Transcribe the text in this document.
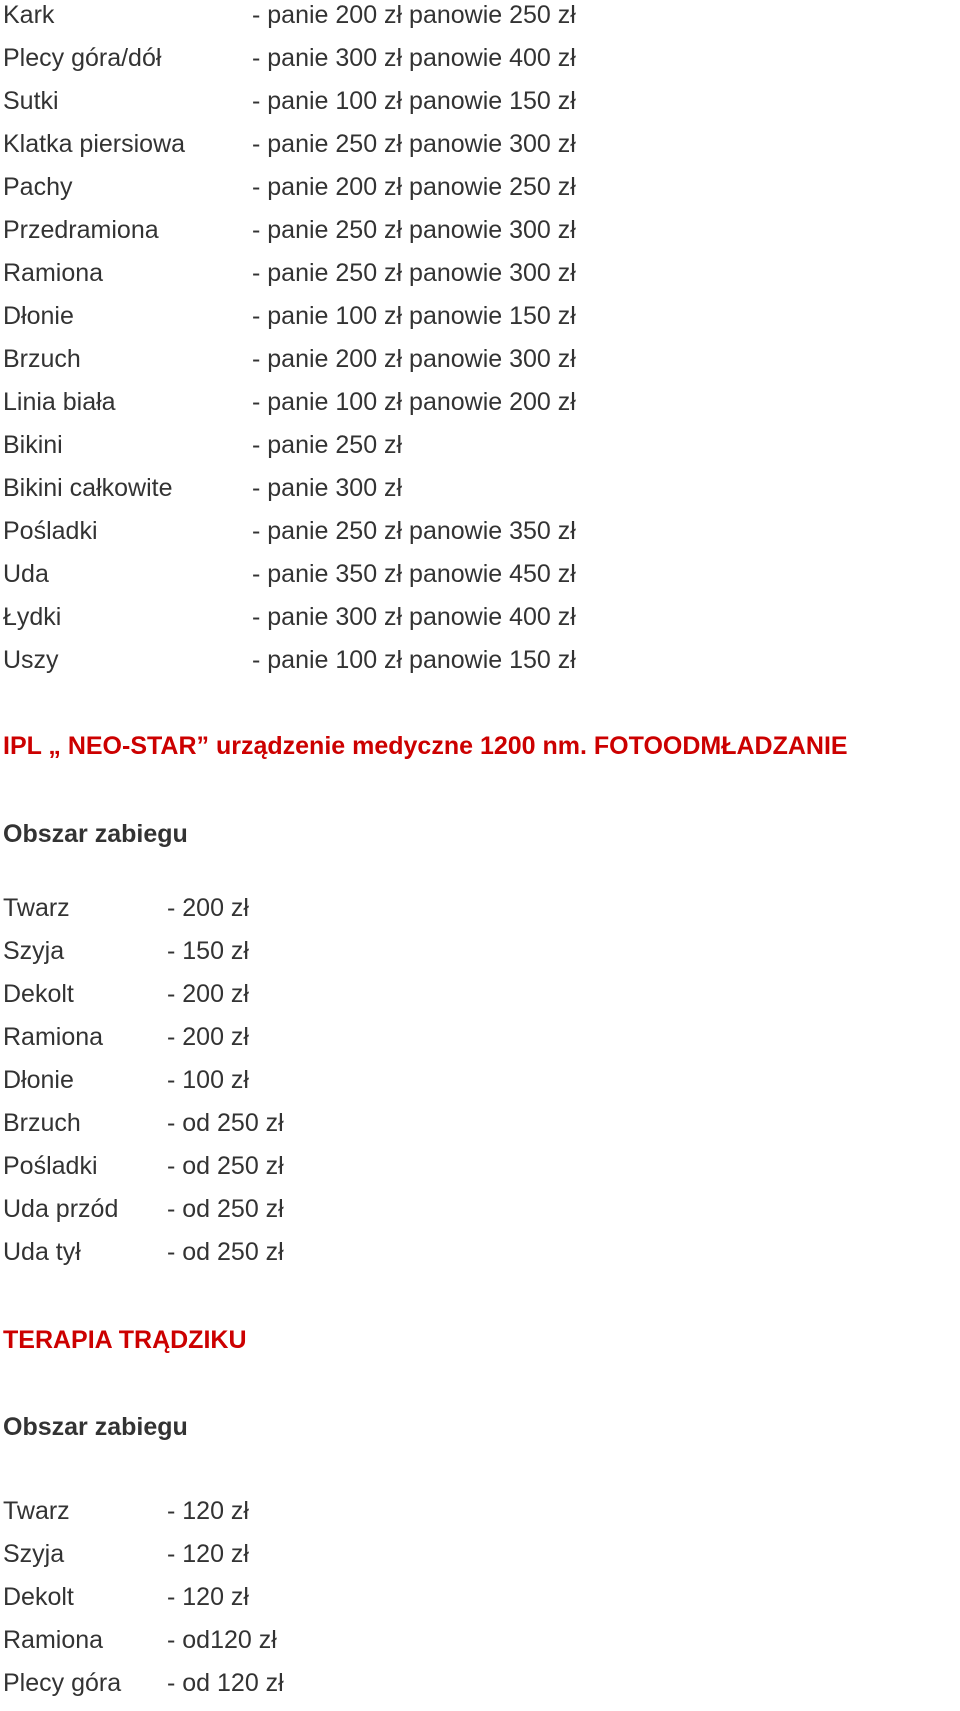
Kark	- panie 200 zł panowie 250 zł
Plecy góra/dół	- panie 300 zł panowie 400 zł
Sutki	- panie 100 zł panowie 150 zł
Klatka piersiowa	- panie 250 zł panowie 300 zł
Pachy	- panie 200 zł panowie 250 zł
Przedramiona	- panie 250 zł panowie 300 zł
Ramiona	- panie 250 zł panowie 300 zł
Dłonie	- panie 100 zł panowie 150 zł
Brzuch	- panie 200 zł panowie 300 zł
Linia biała	- panie 100 zł panowie 200 zł
Bikini	- panie 250 zł
Bikini całkowite	- panie 300 zł
Pośladki	- panie 250 zł panowie 350 zł
Uda	- panie 350 zł panowie 450 zł
Łydki	- panie 300 zł panowie 400 zł
Uszy	- panie 100 zł panowie 150 zł
IPL „ NEO-STAR” urządzenie medyczne 1200 nm. FOTOODMŁADZANIE
Obszar zabiegu
Twarz	- 200 zł
Szyja	- 150 zł
Dekolt	- 200 zł
Ramiona	- 200 zł
Dłonie	- 100 zł
Brzuch	- od 250 zł
Pośladki	- od 250 zł
Uda przód - od 250 zł
Uda tył	- od 250 zł
TERAPIA TRĄDZIKU
Obszar zabiegu
Twarz	- 120 zł
Szyja	- 120 zł
Dekolt	- 120 zł
Ramiona	- od120 zł
Plecy góra - od 120 zł
